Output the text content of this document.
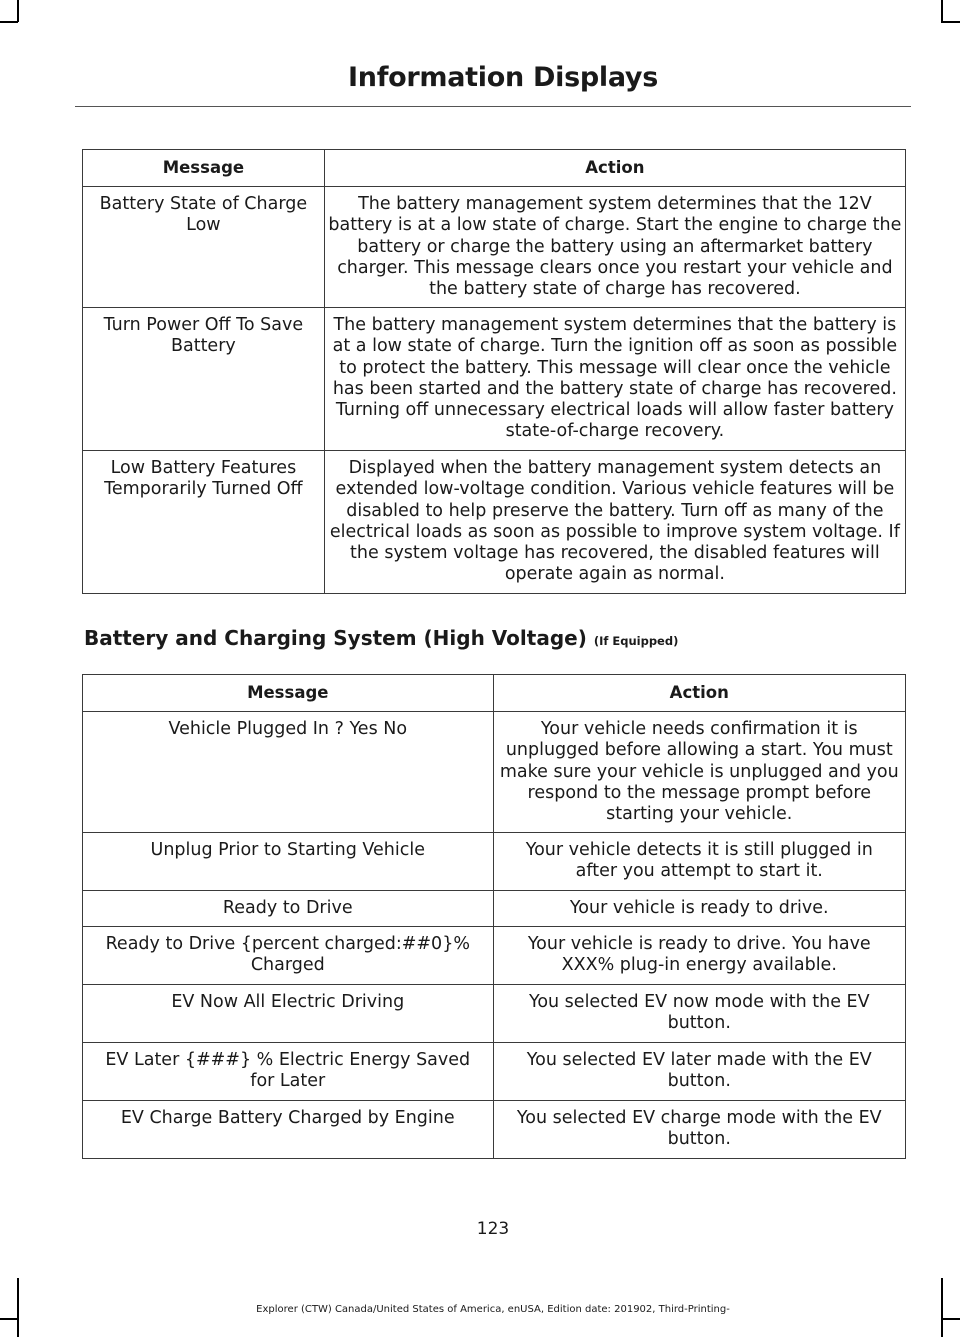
Information Displays
Message	Action
Battery State of Charge Low	The battery management system determines that the 12V battery is at a low state of charge. Start the engine to charge the battery or charge the battery using an aftermarket battery charger. This message clears once you restart your vehicle and the battery state of charge has recovered.
Turn Power Off To Save Battery	The battery management system determines that the battery is at a low state of charge. Turn the ignition off as soon as possible to protect the battery. This message will clear once the vehicle has been started and the battery state of charge has recovered. Turning off unnecessary electrical loads will allow faster battery state-of-charge recovery.
Low Battery Features Temporarily Turned Off	Displayed when the battery management system detects an extended low-voltage condition. Various vehicle features will be disabled to help preserve the battery. Turn off as many of the electrical loads as soon as possible to improve system voltage. If the system voltage has recovered, the disabled features will operate again as normal.
Battery and Charging System (High Voltage) (If Equipped)
Message	Action
Vehicle Plugged In ? Yes No	Your vehicle needs confirmation it is unplugged before allowing a start. You must make sure your vehicle is unplugged and you respond to the message prompt before starting your vehicle.
Unplug Prior to Starting Vehicle	Your vehicle detects it is still plugged in after you attempt to start it.
Ready to Drive	Your vehicle is ready to drive.
Ready to Drive {percent charged:##0}% Charged	Your vehicle is ready to drive. You have XXX% plug-in energy available.
EV Now All Electric Driving	You selected EV now mode with the EV button.
EV Later {###} % Electric Energy Saved for Later	You selected EV later made with the EV button.
EV Charge Battery Charged by Engine	You selected EV charge mode with the EV button.
123
Explorer (CTW) Canada/United States of America, enUSA, Edition date: 201902, Third-Printing-
